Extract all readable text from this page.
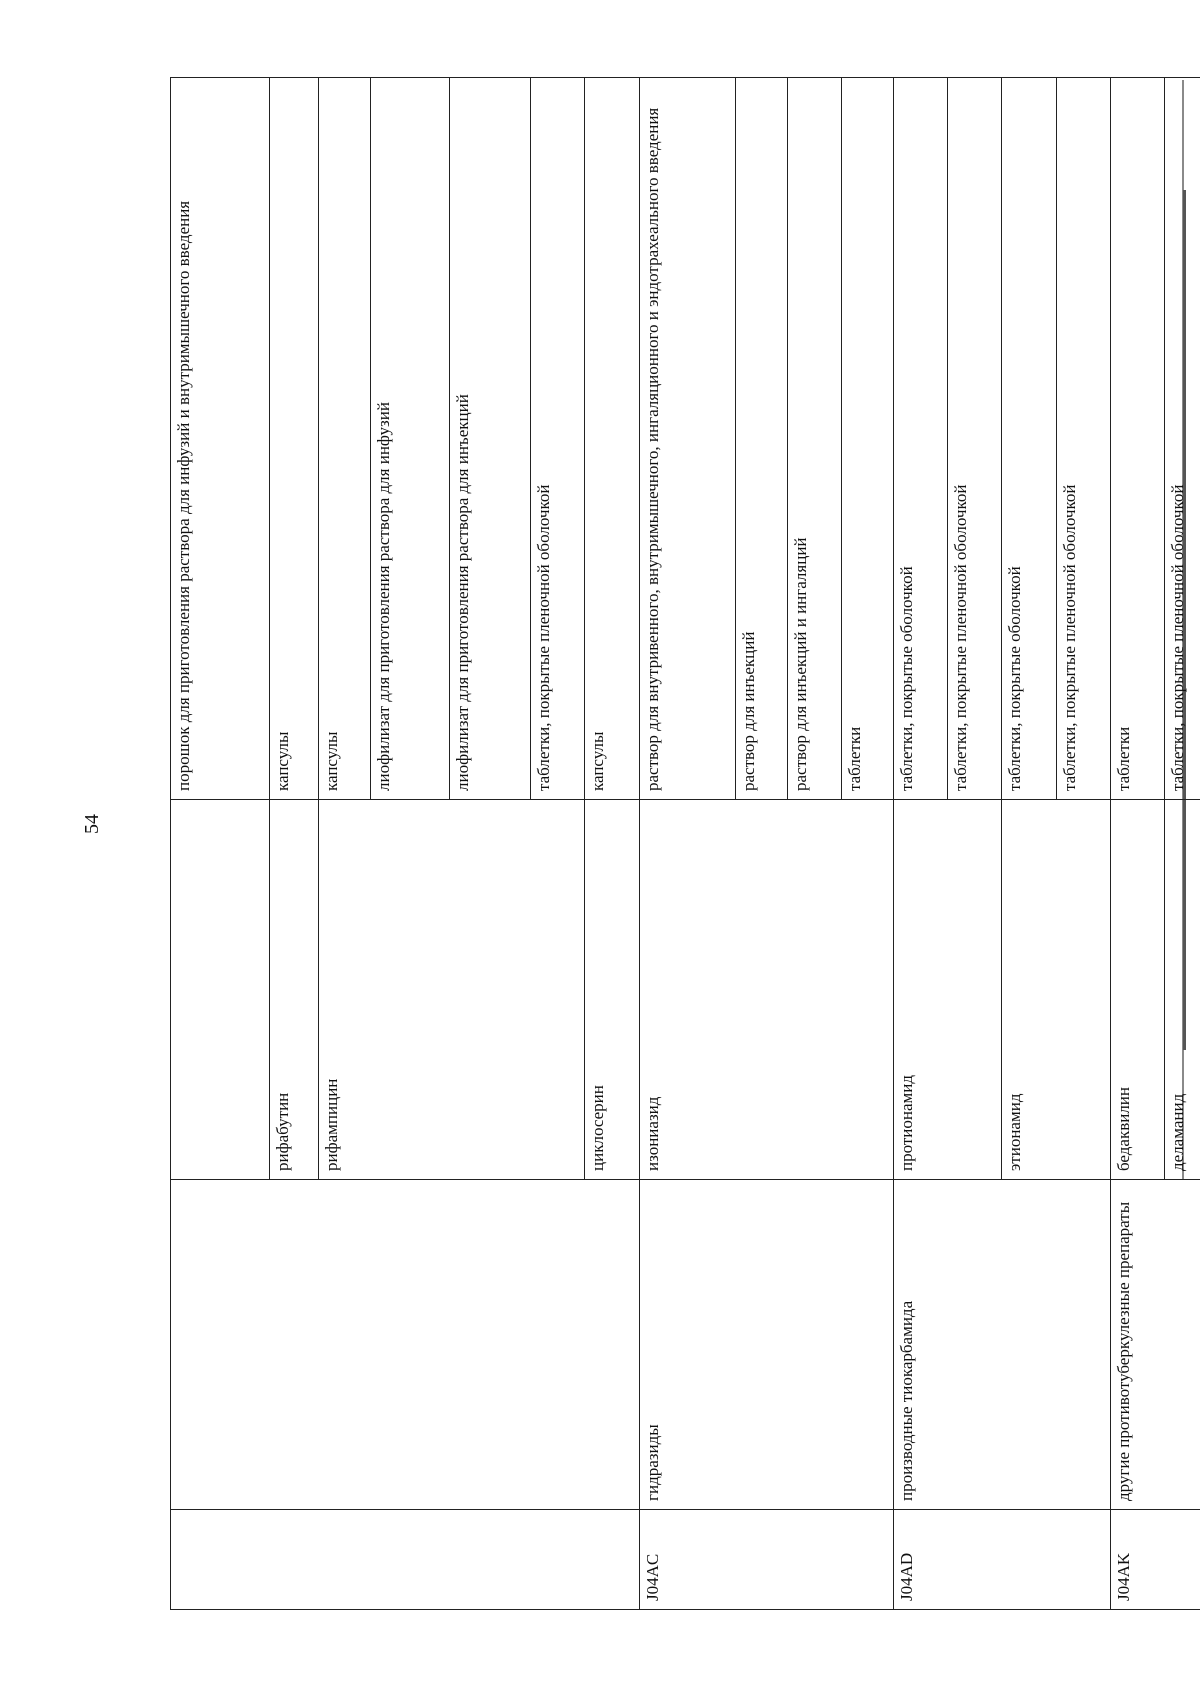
54
			порошок для приготовления раствора для инфузий и внутримышечного введения
		рифабутин	капсулы
		рифампицин	капсулы
			лиофилизат для приготовления раствора для инфузий
			лиофилизат для приготовления раствора для инъекций
			таблетки, покрытые пленочной оболочкой
		циклосерин	капсулы
J04AC	гидразиды	изониазид	раствор для внутривенного, внутримышечного, ингаляционного и эндотрахеального введения
			раствор для инъекций
			раствор для инъекций и ингаляций
			таблетки
J04AD	производные тиокарбамида	протионамид	таблетки, покрытые оболочкой
			таблетки, покрытые пленочной оболочкой
		этионамид	таблетки, покрытые оболочкой
			таблетки, покрытые пленочной оболочкой
J04AK	другие противотуберкулезные препараты	бедаквилин	таблетки
		деламанид	таблетки, покрытые пленочной оболочкой
